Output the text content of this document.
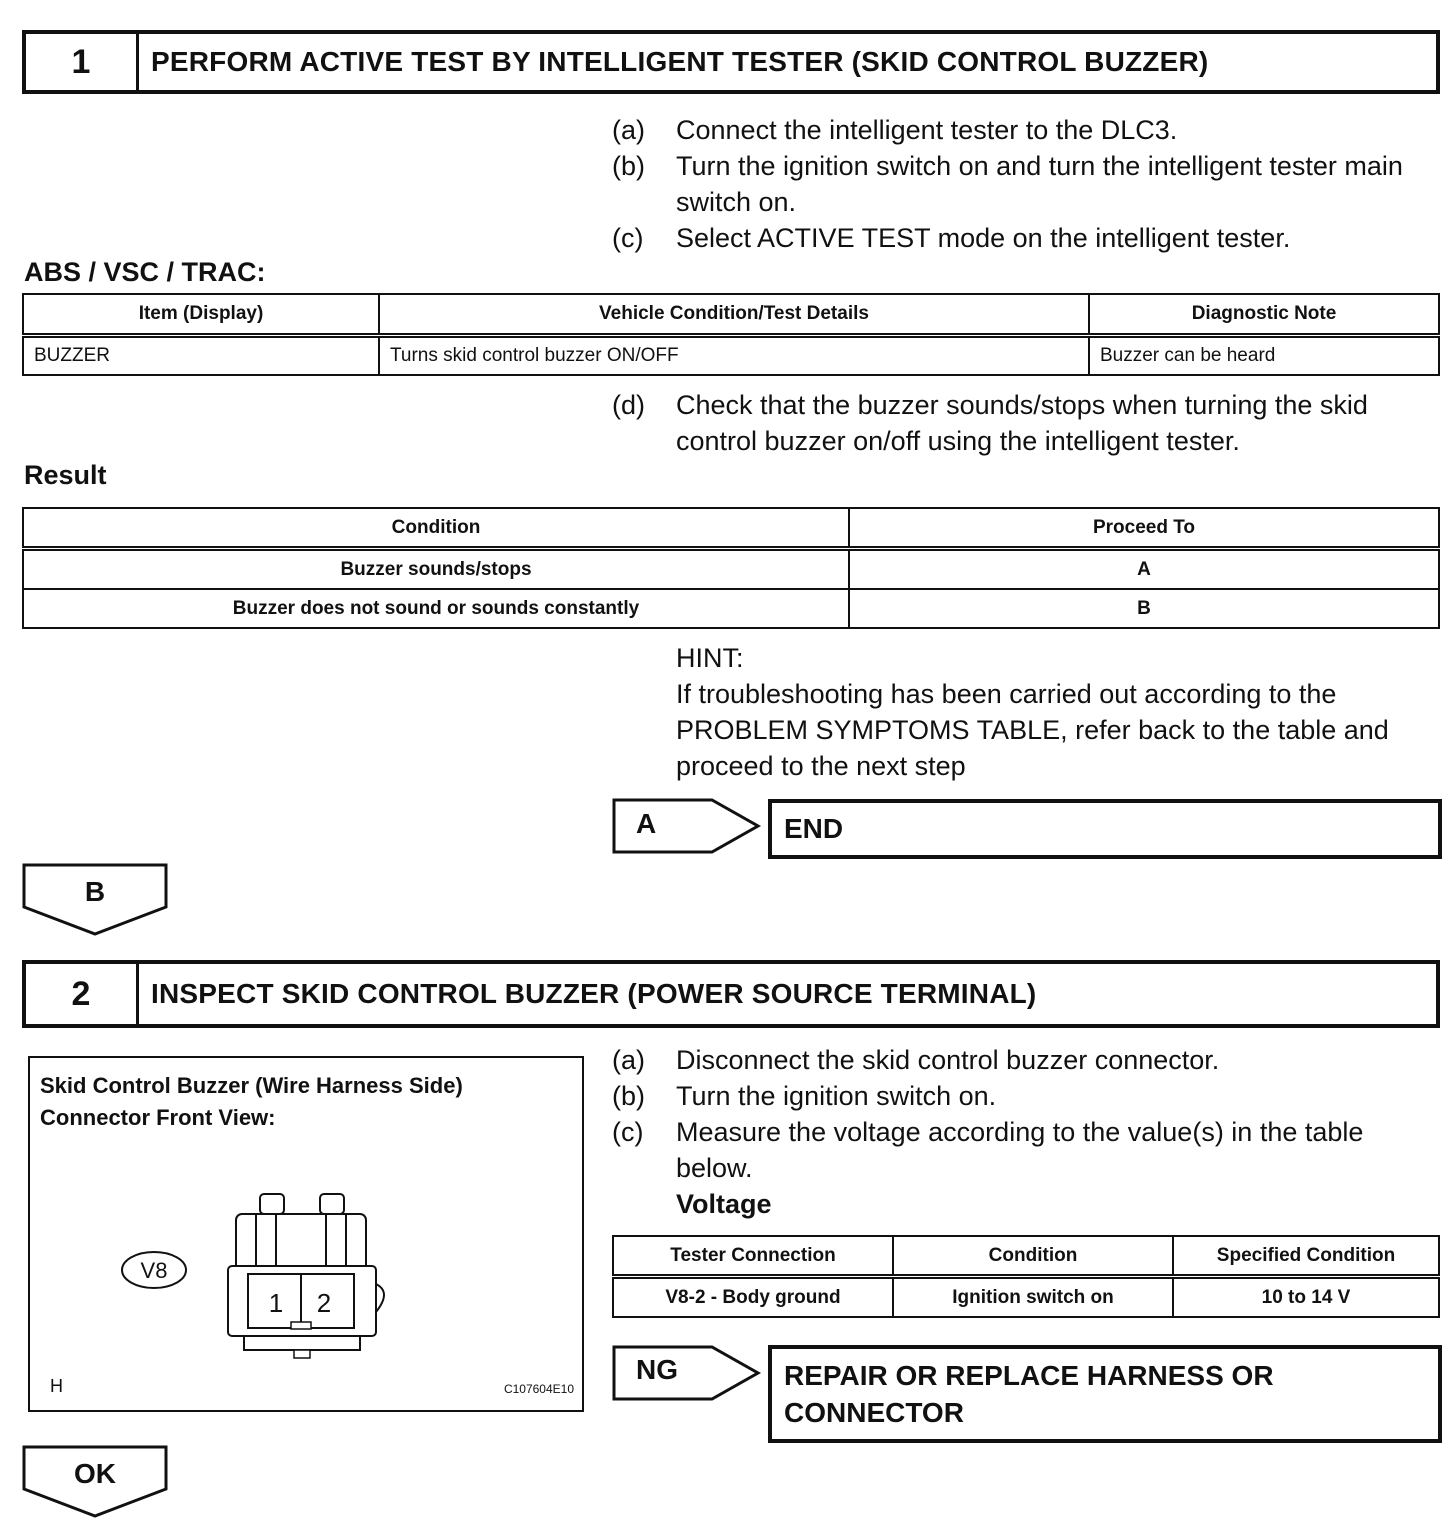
1	PERFORM ACTIVE TEST BY INTELLIGENT TESTER (SKID CONTROL BUZZER)
(a)	Connect the intelligent tester to the DLC3.
(b)	Turn the ignition switch on and turn the intelligent tester main switch on.
(c)	Select ACTIVE TEST mode on the intelligent tester.
ABS / VSC / TRAC:
Item (Display)	Vehicle Condition/Test Details	Diagnostic Note
BUZZER	Turns skid control buzzer ON/OFF	Buzzer can be heard
(d)	Check that the buzzer sounds/stops when turning the skid control buzzer on/off using the intelligent tester.
Result
Condition	Proceed To
Buzzer sounds/stops	A
Buzzer does not sound or sounds constantly	B
HINT:
If troubleshooting has been carried out according to the PROBLEM SYMPTOMS TABLE, refer back to the table and proceed to the next step
A	END
B
2	INSPECT SKID CONTROL BUZZER (POWER SOURCE TERMINAL)
Skid Control Buzzer (Wire Harness Side)
Connector Front View:
V8
1 2
H	C107604E10
(a)	Disconnect the skid control buzzer connector.
(b)	Turn the ignition switch on.
(c)	Measure the voltage according to the value(s) in the table below.
Voltage
Tester Connection	Condition	Specified Condition
V8-2 - Body ground	Ignition switch on	10 to 14 V
NG	REPAIR OR REPLACE HARNESS OR
CONNECTOR
OK
